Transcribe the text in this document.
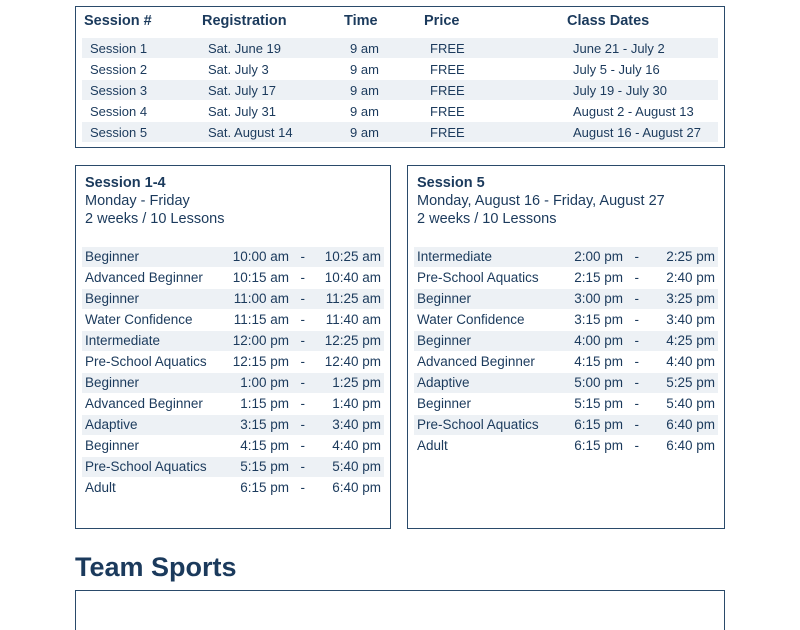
Session #	Registration	Time	Price	Class Dates
Session 1	Sat. June 19	9 am	FREE	June 21 - July 2
Session 2	Sat. July 3	9 am	FREE	July 5 - July 16
Session 3	Sat. July 17	9 am	FREE	July 19 - July 30
Session 4	Sat. July 31	9 am	FREE	August 2 - August 13
Session 5	Sat. August 14	9 am	FREE	August 16 - August 27
Session 1-4
Monday - Friday
2 weeks / 10 Lessons
Beginner	10:00 am - 10:25 am
Advanced Beginner 10:15 am - 10:40 am
Beginner	11:00 am - 11:25 am
Water Confidence	11:15 am - 11:40 am
Intermediate	12:00 pm - 12:25 pm
Pre-School Aquatics 12:15 pm - 12:40 pm
Beginner	1:00 pm - 1:25 pm
Advanced Beginner	1:15 pm - 1:40 pm
Adaptive	3:15 pm - 3:40 pm
Beginner	4:15 pm - 4:40 pm
Pre-School Aquatics 5:15 pm - 5:40 pm
Adult	6:15 pm - 6:40 pm
Session 5
Monday, August 16 - Friday, August 27
2 weeks / 10 Lessons
Intermediate	2:00 pm - 2:25 pm
Pre-School Aquatics	2:15 pm - 2:40 pm
Beginner	3:00 pm - 3:25 pm
Water Confidence	3:15 pm - 3:40 pm
Beginner	4:00 pm - 4:25 pm
Advanced Beginner	4:15 pm - 4:40 pm
Adaptive	5:00 pm - 5:25 pm
Beginner	5:15 pm - 5:40 pm
Pre-School Aquatics	6:15 pm - 6:40 pm
Adult	6:15 pm - 6:40 pm
Team Sports
